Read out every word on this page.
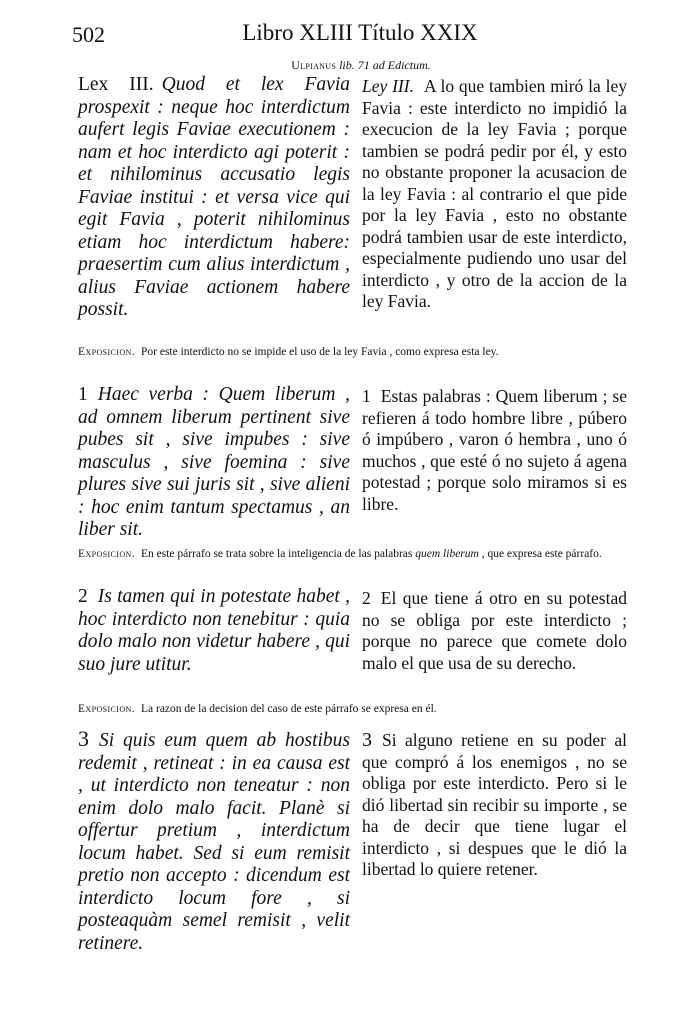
502	Libro XLIII Título XXIX
Ulpianus lib. 71 ad Edictum.
Lex III. Quod et lex Favia prospexit : neque hoc interdictum aufert legis Faviae executionem : nam et hoc interdicto agi poterit : et nihilominus accusatio legis Faviae institui : et versa vice qui egit Favia , poterit nihilominus etiam hoc interdictum habere: praesertim cum alius interdictum , alius Faviae actionem habere possit.
Ley III. A lo que tambien miró la ley Favia : este interdicto no impidió la execucion de la ley Favia ; porque tambien se podrá pedir por él, y esto no obstante proponer la acusacion de la ley Favia : al contrario el que pide por la ley Favia , esto no obstante podrá tambien usar de este interdicto, especialmente pudiendo uno usar del interdicto , y otro de la accion de la ley Favia.
Exposicion. Por este interdicto no se impide el uso de la ley Favia , como expresa esta ley.
1 Haec verba : Quem liberum , ad omnem liberum pertinent sive pubes sit , sive impubes : sive masculus , sive foemina : sive plures sive sui juris sit , sive alieni : hoc enim tantum spectamus , an liber sit.
1 Estas palabras : Quem liberum ; se refieren á todo hombre libre , púbero ó impúbero , varon ó hembra , uno ó muchos , que esté ó no sujeto á agena potestad ; porque solo miramos si es libre.
Exposicion. En este párrafo se trata sobre la inteligencia de las palabras quem liberum , que expresa este párrafo.
2 Is tamen qui in potestate habet , hoc interdicto non tenebitur : quia dolo malo non videtur habere , qui suo jure utitur.
2 El que tiene á otro en su potestad no se obliga por este interdicto ; porque no parece que comete dolo malo el que usa de su derecho.
Exposicion. La razon de la decision del caso de este párrafo se expresa en él.
3 Si quis eum quem ab hostibus redemit , retineat : in ea causa est , ut interdicto non teneatur : non enim dolo malo facit. Planè si offertur pretium , interdictum locum habet. Sed si eum remisit pretio non accepto : dicendum est interdicto locum fore , si posteaquàm semel remisit , velit retinere.
3 Si alguno retiene en su poder al que compró á los enemigos , no se obliga por este interdicto. Pero si le dió libertad sin recibir su importe , se ha de decir que tiene lugar el interdicto , si despues que le dió la libertad lo quiere retener.
